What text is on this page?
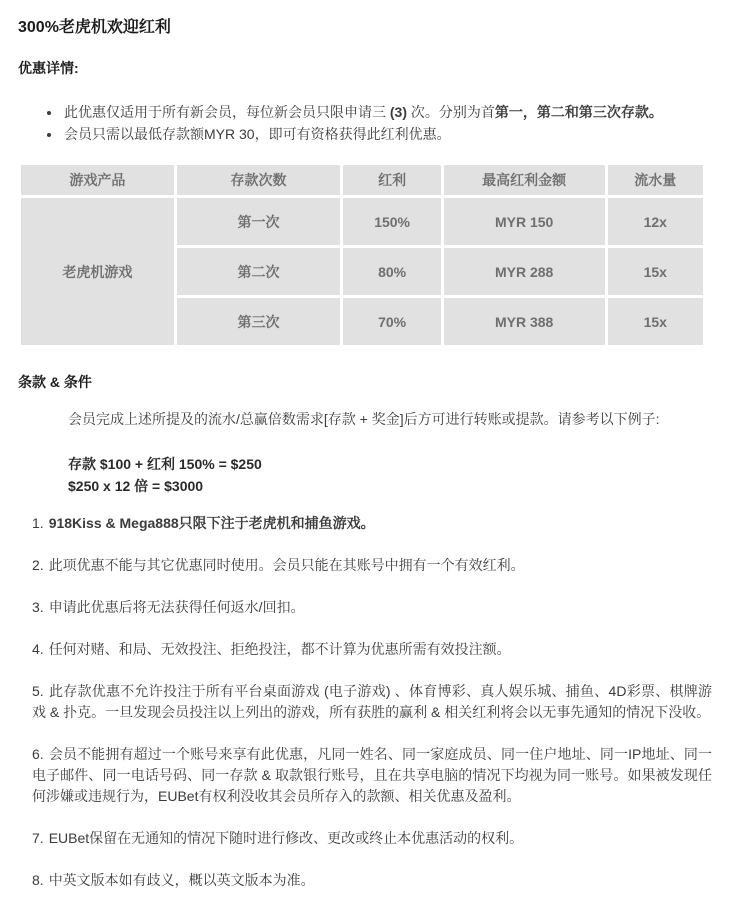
300%老虎机欢迎红利
优惠详情:
• 此优惠仅适用于所有新会员，每位新会员只限申请三 (3) 次。分别为首第一，第二和第三次存款。
• 会员只需以最低存款额MYR 30，即可有资格获得此红利优惠。
游戏产品	存款次数	红利	最高红利金额	流水量
老虎机游戏	第一次	150%	MYR 150	12x
	第二次	80%	MYR 288	15x
	第三次	70%	MYR 388	15x
条款 & 条件

会员完成上述所提及的流水/总赢倍数需求[存款 + 奖金]后方可进行转账或提款。请参考以下例子:

存款 $100 + 红利 150% = $250
$250 x 12 倍 = $3000
1. 918Kiss & Mega888只限下注于老虎机和捕鱼游戏。
2. 此项优惠不能与其它优惠同时使用。会员只能在其账号中拥有一个有效红利。
3. 申请此优惠后将无法获得任何返水/回扣。
4. 任何对赌、和局、无效投注、拒绝投注，都不计算为优惠所需有效投注额。
5. 此存款优惠不允许投注于所有平台桌面游戏 (电子游戏) 、体育博彩、真人娱乐城、捕鱼、4D彩票、棋牌游戏 & 扑克。一旦发现会员投注以上列出的游戏，所有获胜的赢利 & 相关红利将会以无事先通知的情况下没收。
6. 会员不能拥有超过一个账号来享有此优惠，凡同一姓名、同一家庭成员、同一住户地址、同一IP地址、同一电子邮件、同一电话号码、同一存款 & 取款银行账号，且在共享电脑的情况下均视为同一账号。如果被发现任何涉嫌或违规行为，EUBet有权利没收其会员所存入的款额、相关优惠及盈利。
7. EUBet保留在无通知的情况下随时进行修改、更改或终止本优惠活动的权利。
8. 中英文版本如有歧义，概以英文版本为准。
